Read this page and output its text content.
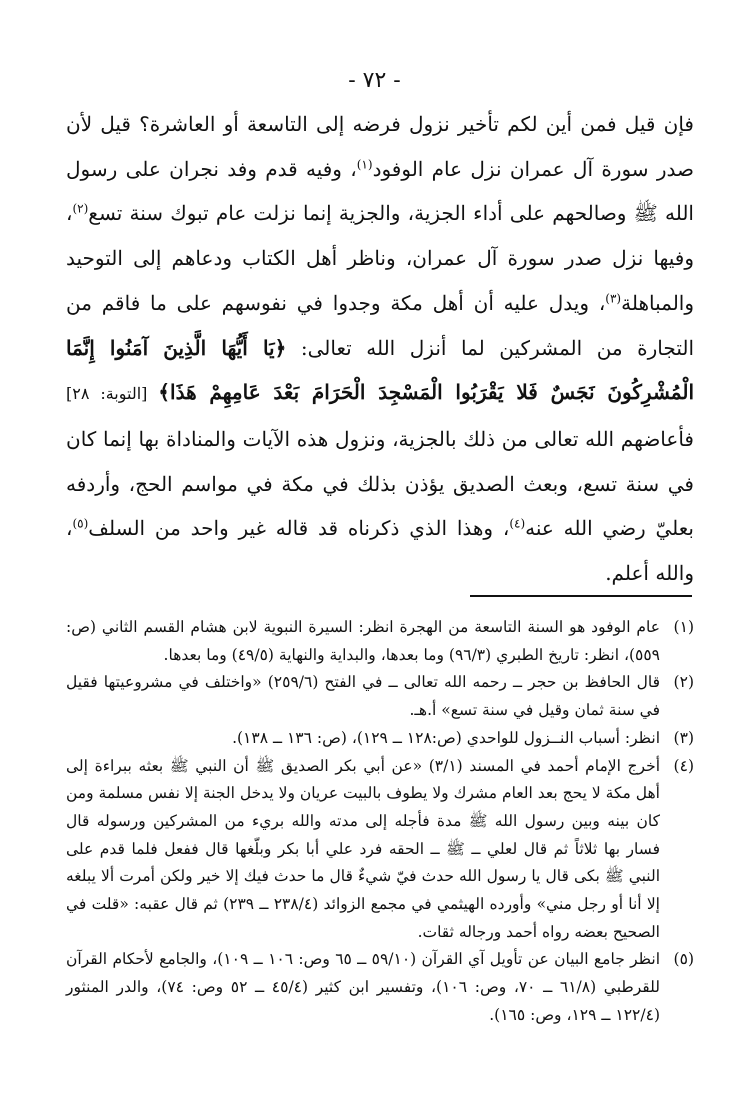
- ٧٢ -

فإن قيل فمن أين لكم تأخير نزول فرضه إلى التاسعة أو العاشرة؟ قيل لأن صدر سورة آل عمران نزل عام الوفود$^{(١)}$، وفيه قدم وفد نجران على رسول الله ﷺ وصالحهم على أداء الجزية، والجزية إنما نزلت عام تبوك سنة تسع$^{(٢)}$، وفيها نزل صدر سورة آل عمران، وناظر أهل الكتاب ودعاهم إلى التوحيد والمباهلة$^{(٣)}$، ويدل عليه أن أهل مكة وجدوا في نفوسهم على ما فاقم من التجارة من المشركين لما أنزل الله تعالى: ﴿يَا أَيُّهَا الَّذِينَ آمَنُوا إِنَّمَا الْمُشْرِكُونَ نَجَسٌ فَلا يَقْرَبُوا الْمَسْجِدَ الْحَرَامَ بَعْدَ عَامِهِمْ هَذَا﴾ [التوبة: ٢٨] فأعاضهم الله تعالى من ذلك بالجزية، ونزول هذه الآيات والمناداة بها إنما كان في سنة تسع، وبعث الصديق يؤذن بذلك في مكة في مواسم الحج، وأردفه بعليّ رضي الله عنه$^{(٤)}$، وهذا الذي ذكرناه قد قاله غير واحد من السلف$^{(٥)}$، والله أعلم.

(١)
عام الوفود هو السنة التاسعة من الهجرة انظر: السيرة النبوية لابن هشام القسم الثاني (ص: ٥٥٩)، انظر: تاريخ الطبري (٩٦/٣) وما بعدها، والبداية والنهاية (٤٩/٥) وما بعدها.
(٢)
قال الحافظ بن حجر ــ رحمه الله تعالى ــ في الفتح (٢٥٩/٦) «واختلف في مشروعيتها فقيل في سنة ثمان وقيل في سنة تسع» أ.هـ.
(٣)
انظر: أسباب النــزول للواحدي (ص:١٢٨ ــ ١٢٩)، (ص: ١٣٦ ــ ١٣٨).
(٤)
أخرج الإمام أحمد في المسند (٣/١) «عن أبي بكر الصديق ﷺ أن النبي ﷺ بعثه ببراءة إلى أهل مكة لا يحج بعد العام مشرك ولا يطوف بالبيت عريان ولا يدخل الجنة إلا نفس مسلمة ومن كان بينه وبين رسول الله ﷺ مدة فأجله إلى مدته والله بريء من المشركين ورسوله قال فسار بها ثلاثاً ثم قال لعلي ــ ﷺ ــ الحقه فرد علي أبا بكر وبلّغها قال ففعل فلما قدم على النبي ﷺ بكى قال يا رسول الله حدث فيّ شيءٌ قال ما حدث فيك إلا خير ولكن أمرت ألا يبلغه إلا أنا أو رجل مني» وأورده الهيثمي في مجمع الزوائد (٢٣٨/٤ ــ ٢٣٩) ثم قال عقبه: «قلت في الصحيح بعضه رواه أحمد ورجاله ثقات.
(٥)
انظر جامع البيان عن تأويل آي القرآن (٥٩/١٠ ــ ٦٥ وص: ١٠٦ ــ ١٠٩)، والجامع لأحكام القرآن للقرطبي (٦١/٨ ــ ٧٠، وص: ١٠٦)، وتفسير ابن كثير (٤٥/٤ ــ ٥٢ وص: ٧٤)، والدر المنثور (١٢٢/٤ ــ ١٢٩، وص: ١٦٥).
